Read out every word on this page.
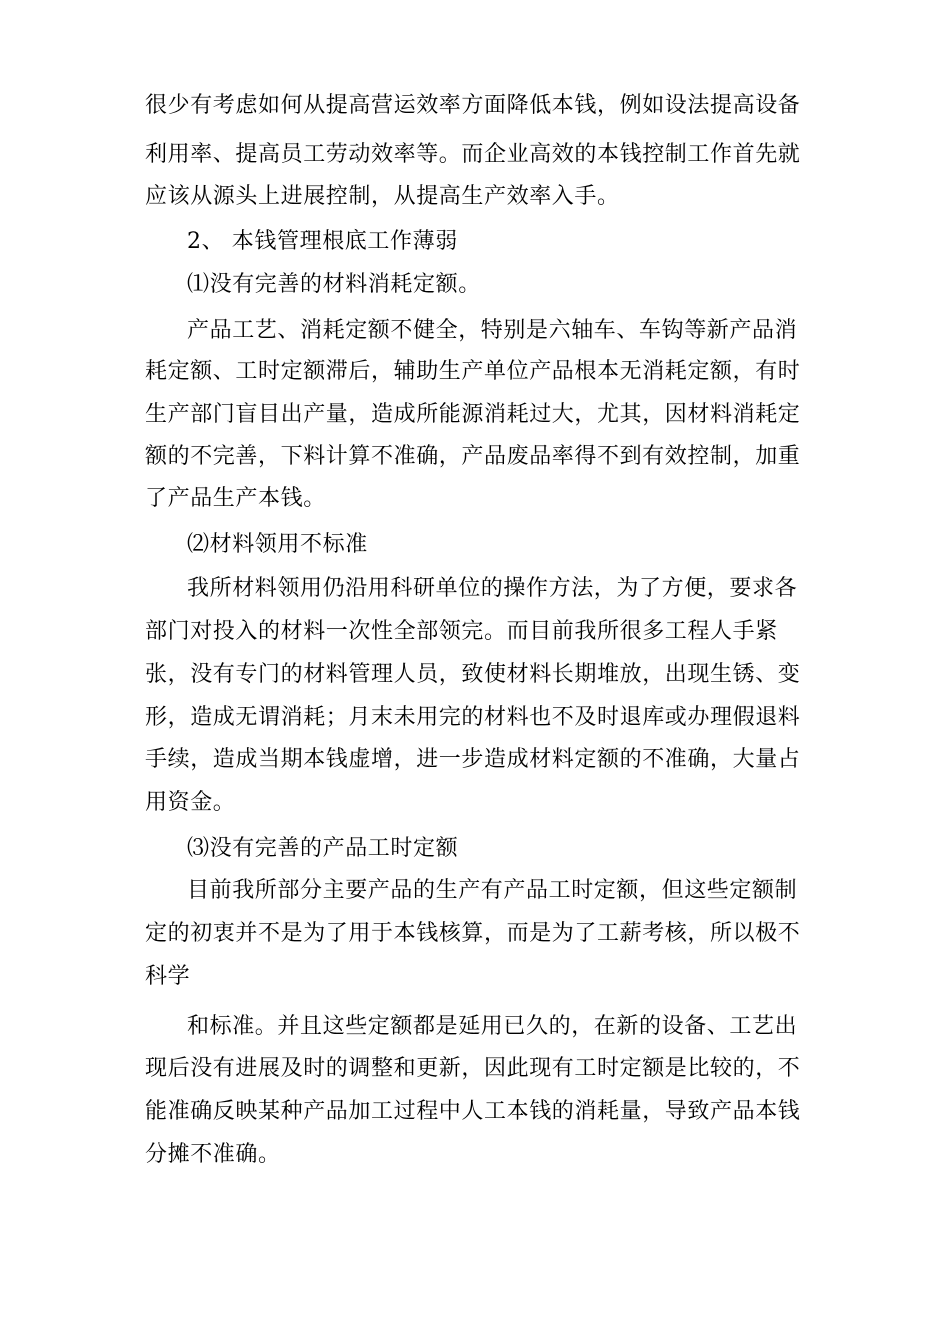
很少有考虑如何从提高营运效率方面降低本钱，例如设法提高设备
利用率、提高员工劳动效率等。而企业高效的本钱控制工作首先就
应该从源头上进展控制，从提高生产效率入手。
2、 本钱管理根底工作薄弱
⑴没有完善的材料消耗定额。
产品工艺、消耗定额不健全，特别是六轴车、车钩等新产品消
耗定额、工时定额滞后，辅助生产单位产品根本无消耗定额，有时
生产部门盲目出产量，造成所能源消耗过大，尤其，因材料消耗定
额的不完善，下料计算不准确，产品废品率得不到有效控制，加重
了产品生产本钱。
⑵材料领用不标准
我所材料领用仍沿用科研单位的操作方法，为了方便，要求各
部门对投入的材料一次性全部领完。而目前我所很多工程人手紧
张，没有专门的材料管理人员，致使材料长期堆放，出现生锈、变
形，造成无谓消耗；月末未用完的材料也不及时退库或办理假退料
手续，造成当期本钱虚增，进一步造成材料定额的不准确，大量占
用资金。
⑶没有完善的产品工时定额
目前我所部分主要产品的生产有产品工时定额，但这些定额制
定的初衷并不是为了用于本钱核算，而是为了工薪考核，所以极不
科学
和标准。并且这些定额都是延用已久的，在新的设备、工艺出
现后没有进展及时的调整和更新，因此现有工时定额是比较的，不
能准确反映某种产品加工过程中人工本钱的消耗量，导致产品本钱
分摊不准确。
